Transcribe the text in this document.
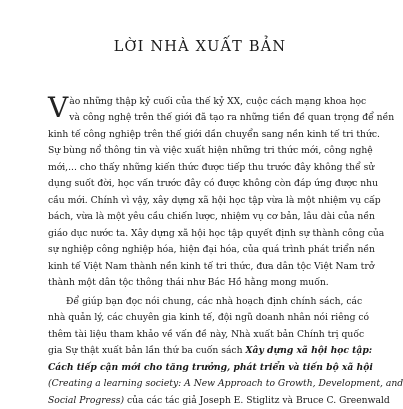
LỜI NHÀ XUẤT BẢN
V ào những thập kỷ cuối của thế kỷ XX, cuộc cách mạng khoa học
và công nghệ trên thế giới đã tạo ra những tiền đề quan trọng để nền
kinh tế công nghiệp trên thế giới dần chuyển sang nền kinh tế tri thức.
Sự bùng nổ thông tin và việc xuất hiện những tri thức mới, công nghệ
mới,... cho thấy những kiến thức được tiếp thu trước đây không thể sử
dụng suốt đời, học vấn trước đây có được không còn đáp ứng được nhu
cầu mới. Chính vì vậy, xây dựng xã hội học tập vừa là một nhiệm vụ cấp
bách, vừa là một yêu cầu chiến lược, nhiệm vụ cơ bản, lâu dài của nền
giáo dục nước ta. Xây dựng xã hội học tập quyết định sự thành công của
sự nghiệp công nghiệp hóa, hiện đại hóa, của quá trình phát triển nền
kinh tế Việt Nam thành nền kinh tế tri thức, đưa dân tộc Việt Nam trở
thành một dân tộc thông thái như Bác Hồ hằng mong muốn.
Để giúp bạn đọc nói chung, các nhà hoạch định chính sách, các
nhà quản lý, các chuyên gia kinh tế, đội ngũ doanh nhân nói riêng có
thêm tài liệu tham khảo về vấn đề này, Nhà xuất bản Chính trị quốc
gia Sự thật xuất bản lần thứ ba cuốn sách Xây dựng xã hội học tập:
Cách tiếp cận mới cho tăng trưởng, phát triển và tiến bộ xã hội
(Creating a learning society: A New Approach to Growth, Development, and
Social Progress) của các tác giả Joseph E. Stiglitz và Bruce C. Greenwald
